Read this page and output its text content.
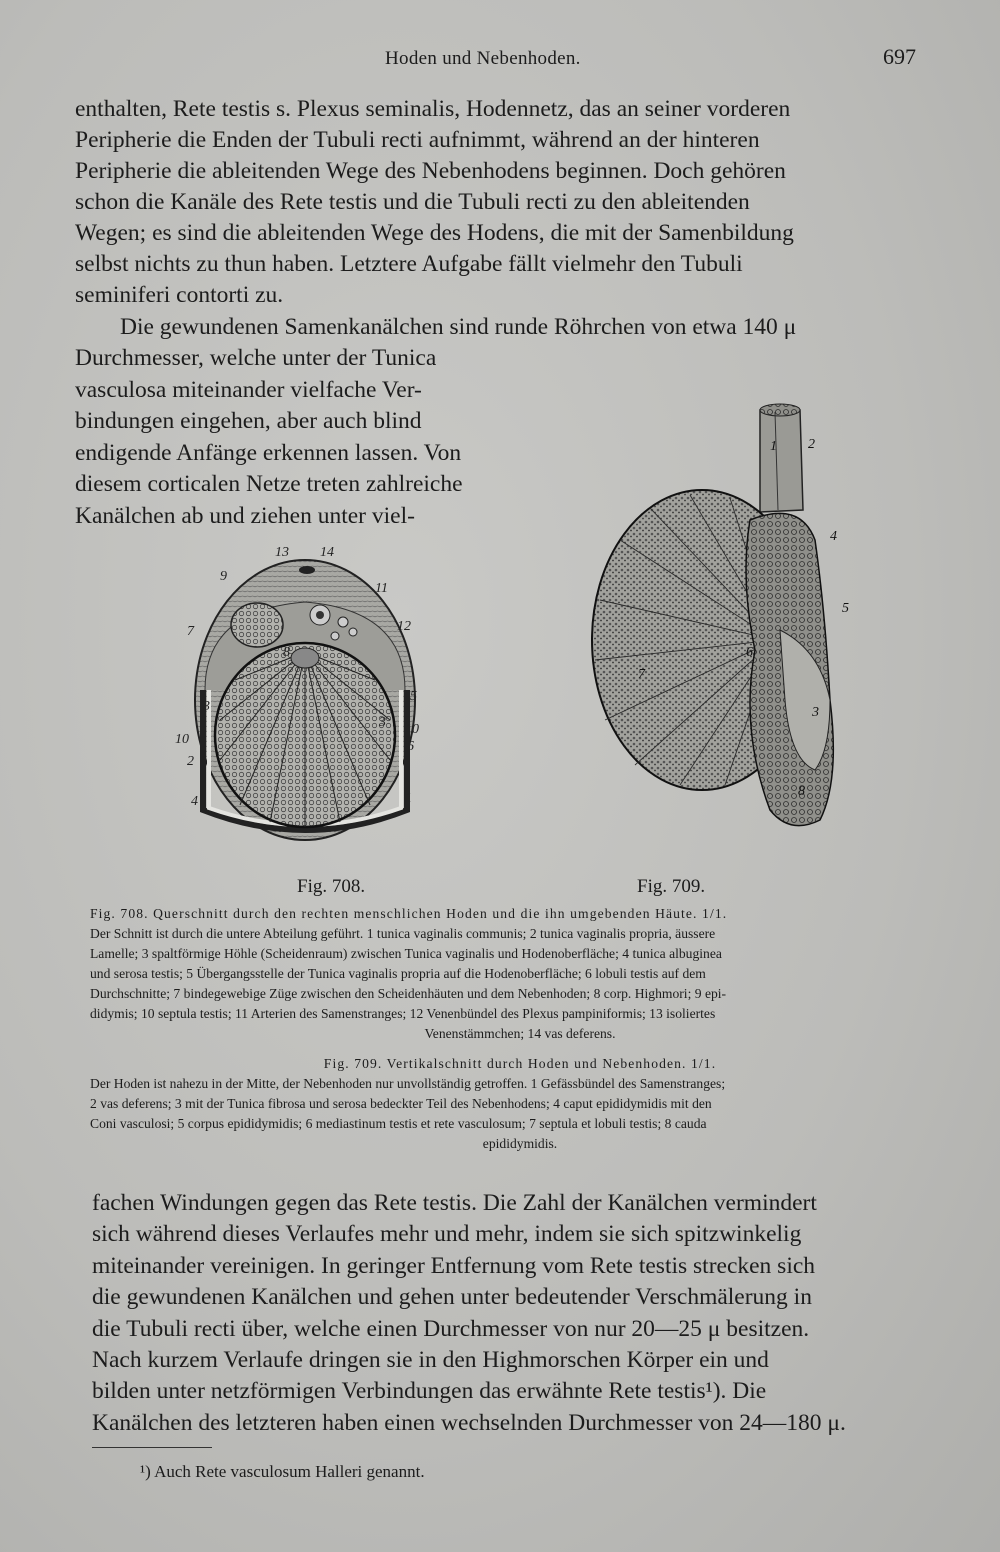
Hoden und Nebenhoden.	697
enthalten, Rete testis s. Plexus seminalis, Hodennetz, das an seiner vorderen
Peripherie die Enden der Tubuli recti aufnimmt, während an der hinteren
Peripherie die ableitenden Wege des Nebenhodens beginnen. Doch gehören
schon die Kanäle des Rete testis und die Tubuli recti zu den ableitenden
Wegen; es sind die ableitenden Wege des Hodens, die mit der Samenbildung
selbst nichts zu thun haben. Letztere Aufgabe fällt vielmehr den Tubuli
seminiferi contorti zu.
Die gewundenen Samenkanälchen sind runde Röhrchen von etwa 140 μ
Durchmesser, welche unter der Tunica
vasculosa miteinander vielfache Ver-
bindungen eingehen, aber auch blind
endigende Anfänge erkennen lassen. Von
diesem corticalen Netze treten zahlreiche
Kanälchen ab und ziehen unter viel-
13 14
9
11
7	12
8
5
3
3
10
10
6
2
4	1
1 2
4
5
6
7
3
8
Fig. 708.	Fig. 709.
Fig. 708. Querschnitt durch den rechten menschlichen Hoden und die ihn umgebenden Häute. 1/1.
Der Schnitt ist durch die untere Abteilung geführt. 1 tunica vaginalis communis; 2 tunica vaginalis propria, äussere
Lamelle; 3 spaltförmige Höhle (Scheidenraum) zwischen Tunica vaginalis und Hodenoberfläche; 4 tunica albuginea
und serosa testis; 5 Übergangsstelle der Tunica vaginalis propria auf die Hodenoberfläche; 6 lobuli testis auf dem
Durchschnitte; 7 bindegewebige Züge zwischen den Scheidenhäuten und dem Nebenhoden; 8 corp. Highmori; 9 epi-
didymis; 10 septula testis; 11 Arterien des Samenstranges; 12 Venenbündel des Plexus pampiniformis; 13 isoliertes
Venenstämmchen; 14 vas deferens.
Fig. 709. Vertikalschnitt durch Hoden und Nebenhoden. 1/1.
Der Hoden ist nahezu in der Mitte, der Nebenhoden nur unvollständig getroffen. 1 Gefässbündel des Samenstranges;
2 vas deferens; 3 mit der Tunica fibrosa und serosa bedeckter Teil des Nebenhodens; 4 caput epididymidis mit den
Coni vasculosi; 5 corpus epididymidis; 6 mediastinum testis et rete vasculosum; 7 septula et lobuli testis; 8 cauda
epididymidis.
fachen Windungen gegen das Rete testis. Die Zahl der Kanälchen vermindert
sich während dieses Verlaufes mehr und mehr, indem sie sich spitzwinkelig
miteinander vereinigen. In geringer Entfernung vom Rete testis strecken sich
die gewundenen Kanälchen und gehen unter bedeutender Verschmälerung in
die Tubuli recti über, welche einen Durchmesser von nur 20—25 μ besitzen.
Nach kurzem Verlaufe dringen sie in den Highmorschen Körper ein und
bilden unter netzförmigen Verbindungen das erwähnte Rete testis¹). Die
Kanälchen des letzteren haben einen wechselnden Durchmesser von 24—180 μ.
¹) Auch Rete vasculosum Halleri genannt.
